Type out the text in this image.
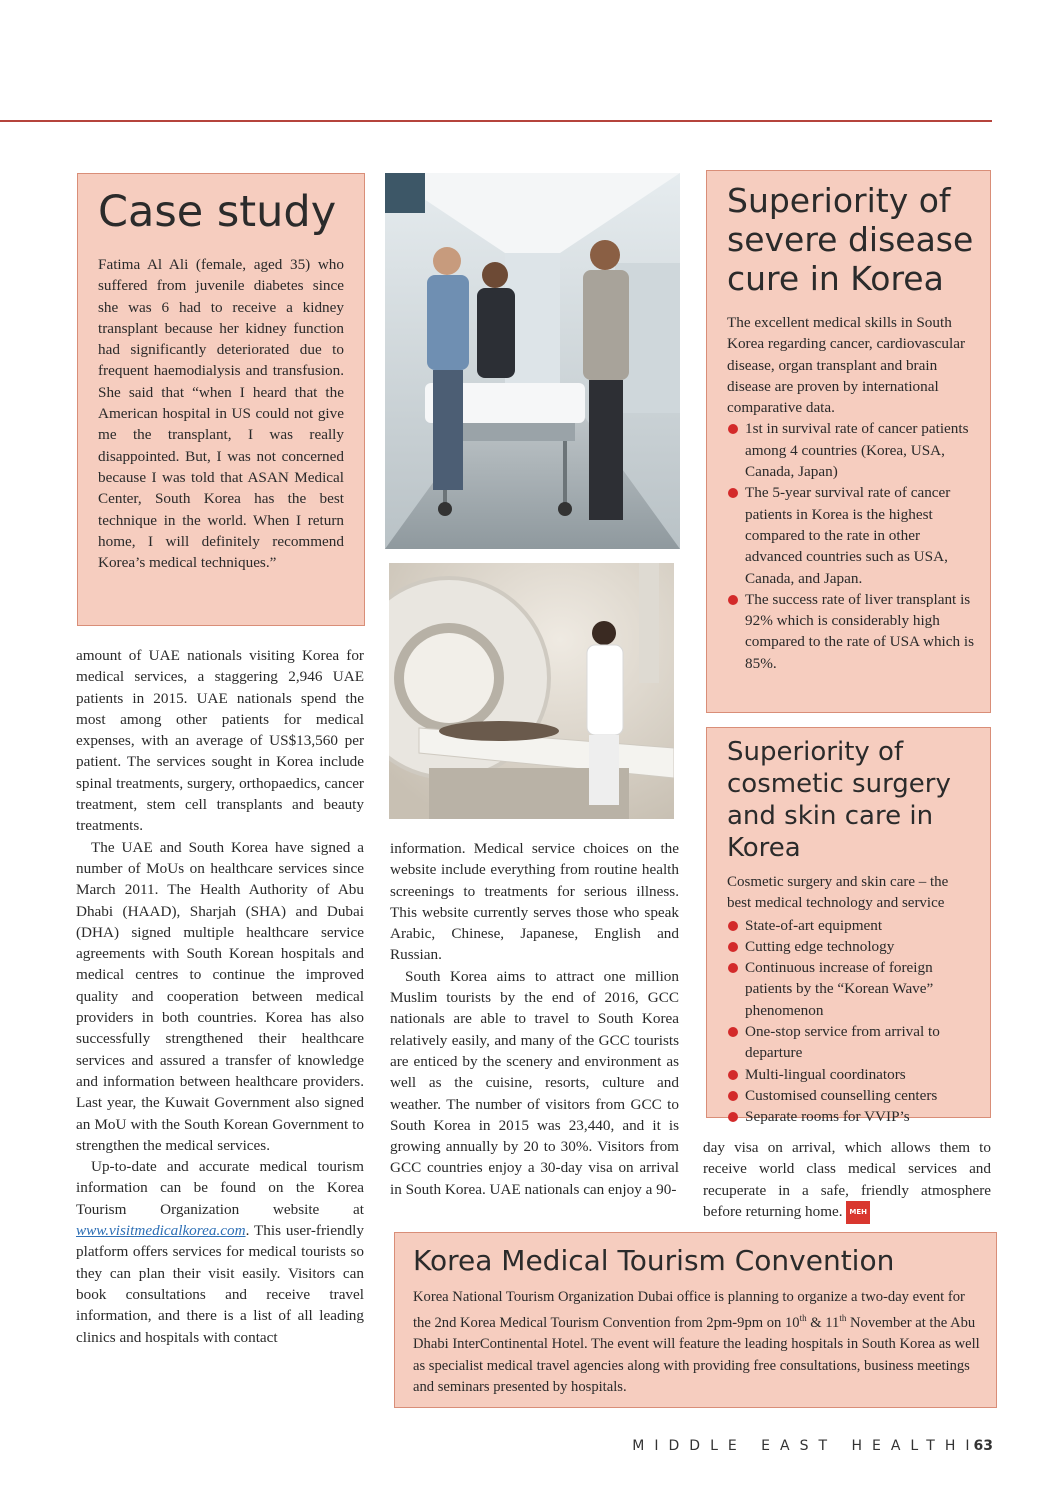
Case study

Fatima Al Ali (female, aged 35) who suffered from juvenile diabetes since she was 6 had to receive a kidney transplant because her kidney function had significantly deteriorated due to frequent haemodialysis and transfusion. She said that “when I heard that the American hospital in US could not give me the transplant, I was really disappointed. But, I was not concerned because I was told that ASAN Medical Center, South Korea has the best technique in the world. When I return home, I will definitely recommend Korea’s medical techniques.”

Superiority of severe disease cure in Korea

The excellent medical skills in South Korea regarding cancer, cardiovascular disease, organ transplant and brain disease are proven by international comparative data.

1st in survival rate of cancer patients among 4 countries (Korea, USA, Canada, Japan)
The 5-year survival rate of cancer patients in Korea is the highest compared to the rate in other advanced countries such as USA, Canada, and Japan.
The success rate of liver transplant is 92% which is considerably high compared to the rate of USA which is 85%.
Superiority of cosmetic surgery and skin care in Korea

Cosmetic surgery and skin care – the best medical technology and service

State-of-art equipment
Cutting edge technology
Continuous increase of foreign patients by the “Korean Wave” phenomenon
One-stop service from arrival to departure
Multi-lingual coordinators
Customised counselling centers
Separate rooms for VVIP’s

amount of UAE nationals visiting Korea for medical services, a staggering 2,946 UAE patients in 2015. UAE nationals spend the most among other patients for medical expenses, with an average of US$13,560 per patient. The services sought in Korea include spinal treatments, surgery, orthopaedics, cancer treatment, stem cell transplants and beauty treatments.

The UAE and South Korea have signed a number of MoUs on healthcare services since March 2011. The Health Authority of Abu Dhabi (HAAD), Sharjah (SHA) and Dubai (DHA) signed multiple healthcare service agreements with South Korean hospitals and medical centres to continue the improved quality and cooperation between medical providers in both countries. Korea has also successfully strengthened their healthcare services and assured a transfer of knowledge and information between healthcare providers. Last year, the Kuwait Government also signed an MoU with the South Korean Government to strengthen the medical services.

Up-to-date and accurate medical tourism information can be found on the Korea Tourism Organization website at www.visitmedicalkorea.com. This user-friendly platform offers services for medical tourists so they can plan their visit easily. Visitors can book consultations and receive travel information, and there is a list of all leading clinics and hospitals with contact

information. Medical service choices on the website include everything from routine health screenings to treatments for serious illness. This website currently serves those who speak Arabic, Chinese, Japanese, English and Russian.

South Korea aims to attract one million Muslim tourists by the end of 2016, GCC nationals are able to travel to South Korea relatively easily, and many of the GCC tourists are enticed by the scenery and environment as well as the cuisine, resorts, culture and weather. The number of visitors from GCC to South Korea in 2015 was 23,440, and it is growing annually by 20 to 30%. Visitors from GCC countries enjoy a 30-day visa on arrival in South Korea. UAE nationals can enjoy a 90-

day visa on arrival, which allows them to receive world class medical services and recuperate in a safe, friendly atmosphere before returning home. MEH

Korea Medical Tourism Convention

Korea National Tourism Organization Dubai office is planning to organize a two-day event for the 2nd Korea Medical Tourism Convention from 2pm-9pm on 10th & 11th November at the Abu Dhabi InterContinental Hotel. The event will feature the leading hospitals in South Korea as well as specialist medical travel agencies along with providing free consultations, business meetings and seminars presented by hospitals.

MIDDLE EAST HEALTHI 63
